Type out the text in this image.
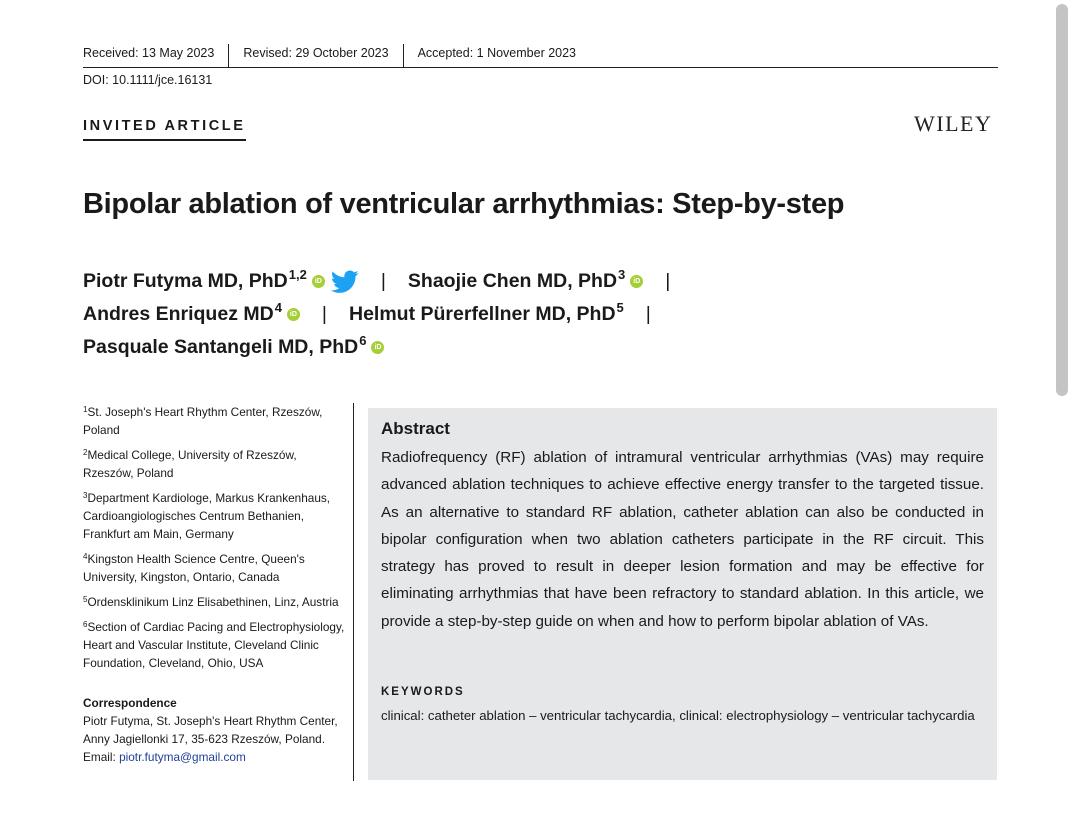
Received: 13 May 2023	Revised: 29 October 2023	Accepted: 1 November 2023
DOI: 10.1111/jce.16131
INVITED ARTICLE	WILEY
Bipolar ablation of ventricular arrhythmias: Step-by-step
Piotr Futyma MD, PhD$^{1,2}$	iD	| Shaojie Chen MD, PhD$^3$	iD |
Andres Enriquez $MD^4$	iD | Helmut Pürerfellner MD, PhD$^5$ |
Pasquale Santangeli MD, PhD$^6$	iD
$^1$St. Joseph's Heart Rhythm Center, Rzeszów, Poland
$^2$Medical College, University of Rzeszów, Rzeszów, Poland
$^3$Department Kardiologe, Markus Krankenhaus, Cardioangiologisches Centrum Bethanien, Frankfurt am Main, Germany
$^4$Kingston Health Science Centre, Queen's University, Kingston, Ontario, Canada
$^5$Ordensklinikum Linz Elisabethinen, Linz, Austria
$^6$Section of Cardiac Pacing and Electrophysiology, Heart and Vascular Institute, Cleveland Clinic Foundation, Cleveland, Ohio, USA
Correspondence
Piotr Futyma, St. Joseph's Heart Rhythm Center, Anny Jagiellonki 17, 35-623 Rzeszów, Poland.
Email: piotr.futyma@gmail.com
Abstract
Radiofrequency (RF) ablation of intramural ventricular arrhythmias (VAs) may require advanced ablation techniques to achieve effective energy transfer to the targeted tissue. As an alternative to standard RF ablation, catheter ablation can also be conducted in bipolar configuration when two ablation catheters participate in the RF circuit. This strategy has proved to result in deeper lesion formation and may be effective for eliminating arrhythmias that have been refractory to standard ablation. In this article, we provide a step-by-step guide on when and how to perform bipolar ablation of VAs.
KEYWORDS
clinical: catheter ablation – ventricular tachycardia, clinical: electrophysiology – ventricular tachycardia
